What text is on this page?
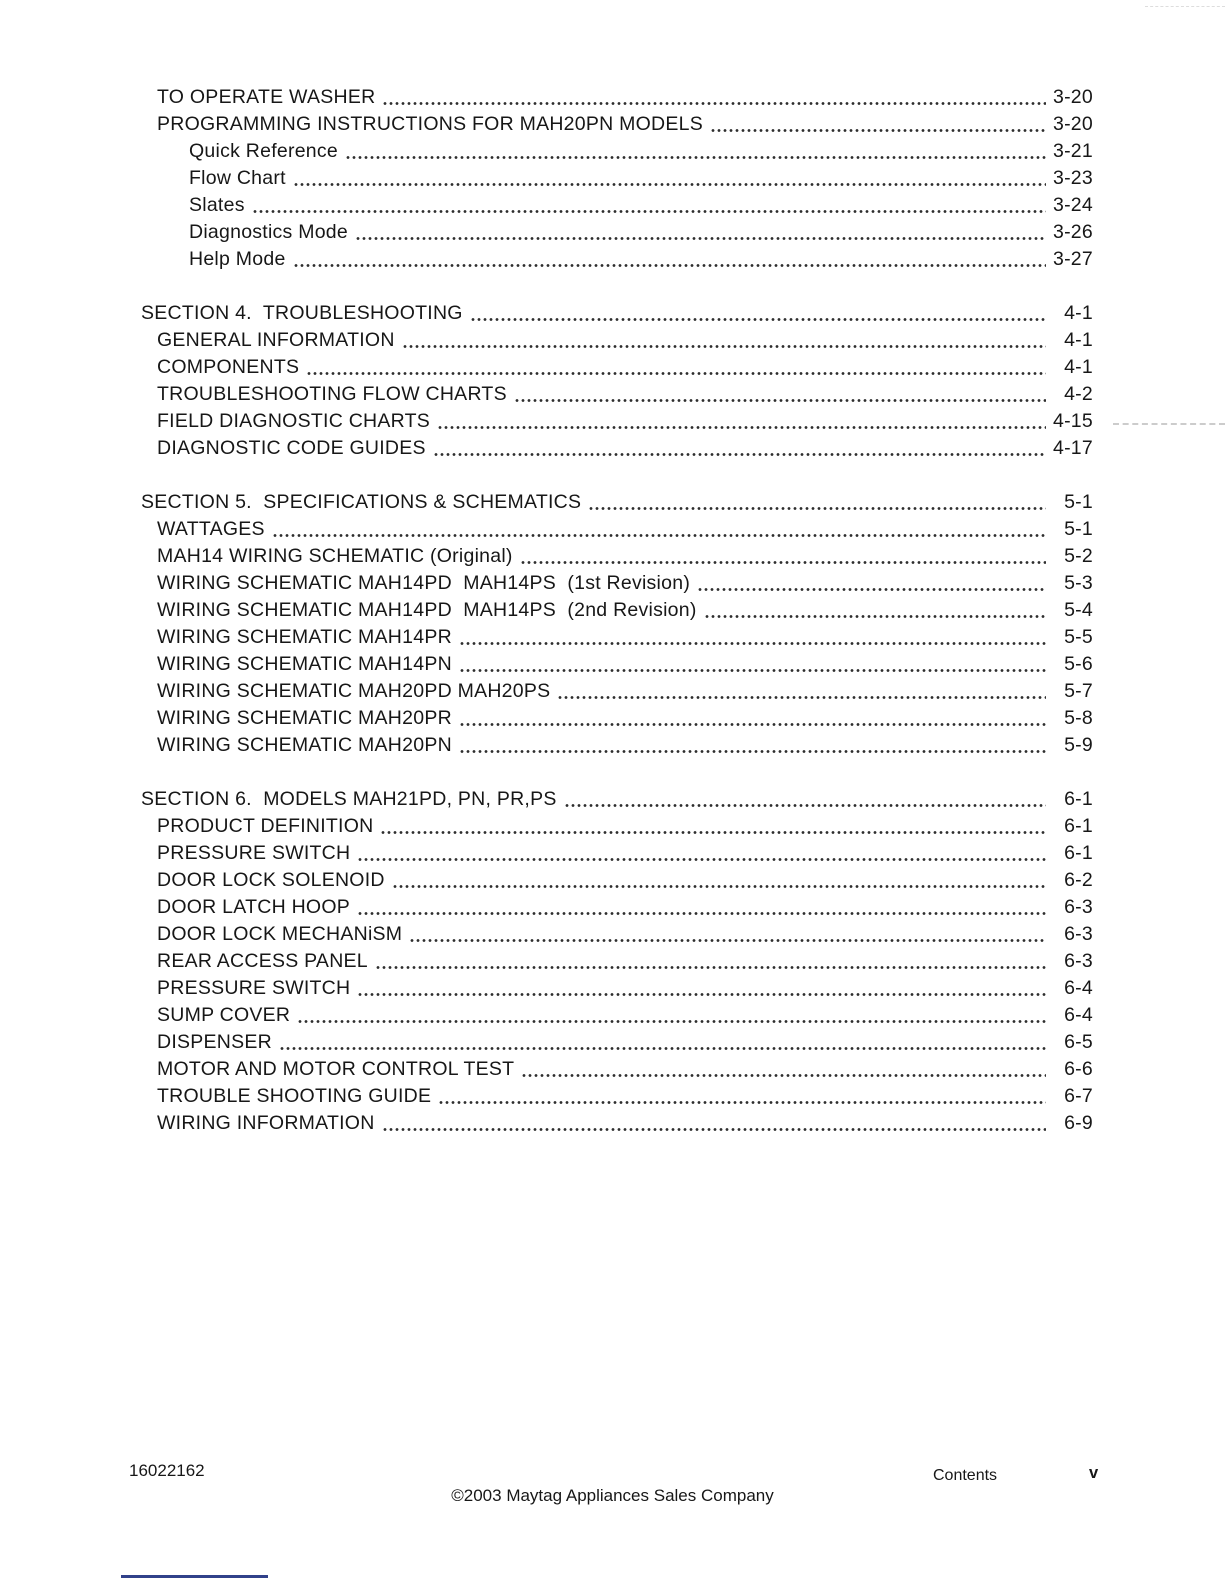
TO OPERATE WASHER	3-20
PROGRAMMING INSTRUCTIONS FOR MAH20PN MODELS	3-20
Quick Reference	3-21
Flow Chart	3-23
Slates	3-24
Diagnostics Mode	3-26
Help Mode	3-27
SECTION 4.  TROUBLESHOOTING	4-1
GENERAL INFORMATION	4-1
COMPONENTS	4-1
TROUBLESHOOTING FLOW CHARTS	4-2
FIELD DIAGNOSTIC CHARTS	4-15
DIAGNOSTIC CODE GUIDES	4-17
SECTION 5.  SPECIFICATIONS & SCHEMATICS	5-1
WATTAGES	5-1
MAH14 WIRING SCHEMATIC (Original)	5-2
WIRING SCHEMATIC MAH14PD  MAH14PS  (1st Revision)	5-3
WIRING SCHEMATIC MAH14PD  MAH14PS  (2nd Revision)	5-4
WIRING SCHEMATIC MAH14PR	5-5
WIRING SCHEMATIC MAH14PN	5-6
WIRING SCHEMATIC MAH20PD MAH20PS	5-7
WIRING SCHEMATIC MAH20PR	5-8
WIRING SCHEMATIC MAH20PN	5-9
SECTION 6.  MODELS MAH21PD, PN, PR,PS	6-1
PRODUCT DEFINITION	6-1
PRESSURE SWITCH	6-1
DOOR LOCK SOLENOID	6-2
DOOR LATCH HOOP	6-3
DOOR LOCK MECHANiSM	6-3
REAR ACCESS PANEL	6-3
PRESSURE SWITCH	6-4
SUMP COVER	6-4
DISPENSER	6-5
MOTOR AND MOTOR CONTROL TEST	6-6
TROUBLE SHOOTING GUIDE	6-7
WIRING INFORMATION	6-9
16022162
©2003 Maytag Appliances Sales Company
Contents	v
